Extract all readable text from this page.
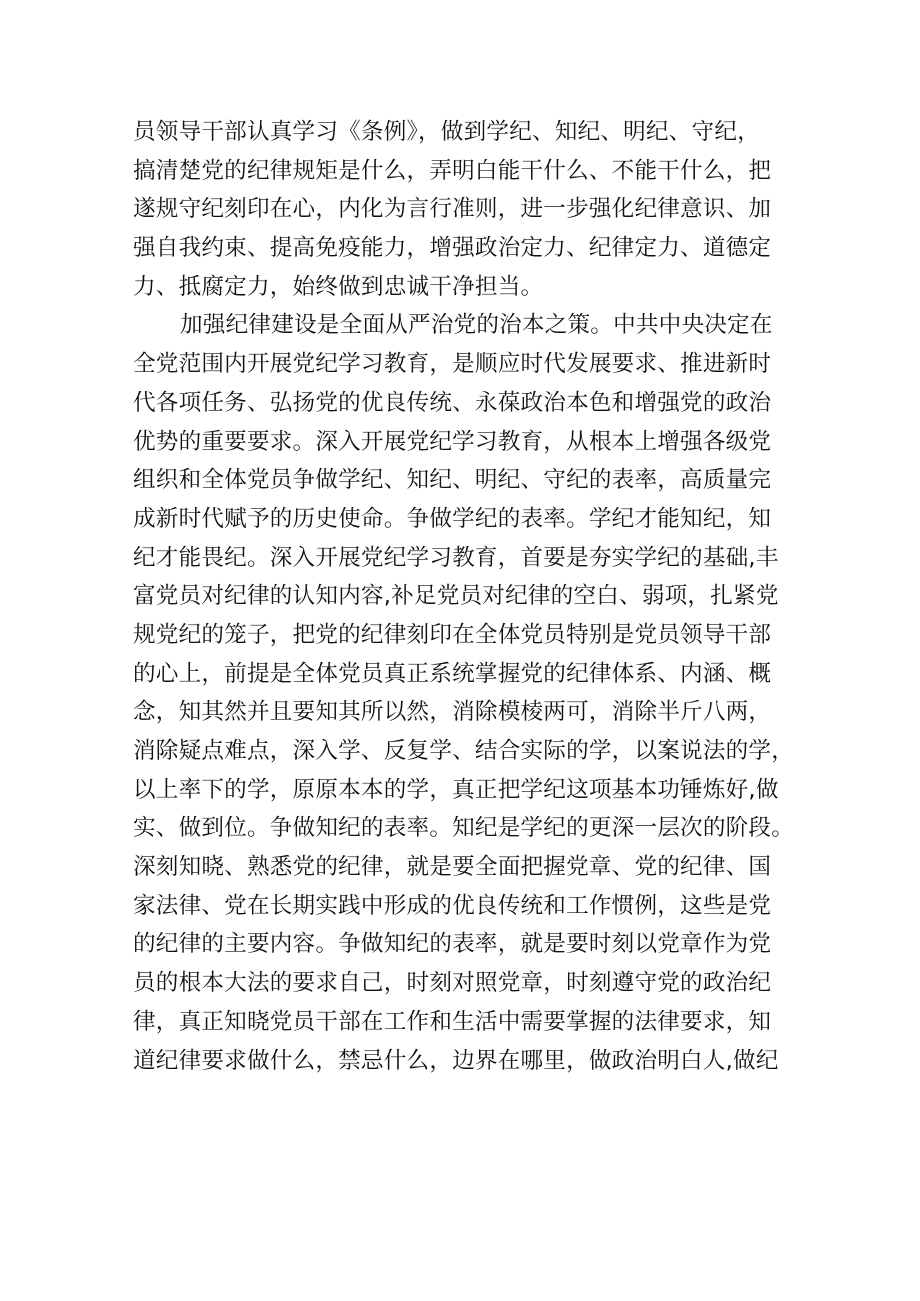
员领导干部认真学习《条例》，做到学纪、知纪、明纪、守纪，
搞清楚党的纪律规矩是什么，弄明白能干什么、不能干什么，把
遂规守纪刻印在心，内化为言行准则，进一步强化纪律意识、加
强自我约束、提高免疫能力，增强政治定力、纪律定力、道德定
力、抵腐定力，始终做到忠诚干净担当。
加强纪律建设是全面从严治党的治本之策。中共中央决定在
全党范围内开展党纪学习教育，是顺应时代发展要求、推进新时
代各项任务、弘扬党的优良传统、永葆政治本色和增强党的政治
优势的重要要求。深入开展党纪学习教育，从根本上增强各级党
组织和全体党员争做学纪、知纪、明纪、守纪的表率，高质量完
成新时代赋予的历史使命。争做学纪的表率。学纪才能知纪，知
纪才能畏纪。深入开展党纪学习教育，首要是夯实学纪的基础,丰
富党员对纪律的认知内容,补足党员对纪律的空白、弱项，扎紧党
规党纪的笼子，把党的纪律刻印在全体党员特别是党员领导干部
的心上，前提是全体党员真正系统掌握党的纪律体系、内涵、概
念，知其然并且要知其所以然，消除模棱两可，消除半斤八两，
消除疑点难点，深入学、反复学、结合实际的学，以案说法的学，
以上率下的学，原原本本的学，真正把学纪这项基本功锤炼好,做
实、做到位。争做知纪的表率。知纪是学纪的更深一层次的阶段。
深刻知晓、熟悉党的纪律，就是要全面把握党章、党的纪律、国
家法律、党在长期实践中形成的优良传统和工作惯例，这些是党
的纪律的主要内容。争做知纪的表率，就是要时刻以党章作为党
员的根本大法的要求自己，时刻对照党章，时刻遵守党的政治纪
律，真正知晓党员干部在工作和生活中需要掌握的法律要求，知
道纪律要求做什么，禁忌什么，边界在哪里，做政治明白人,做纪
